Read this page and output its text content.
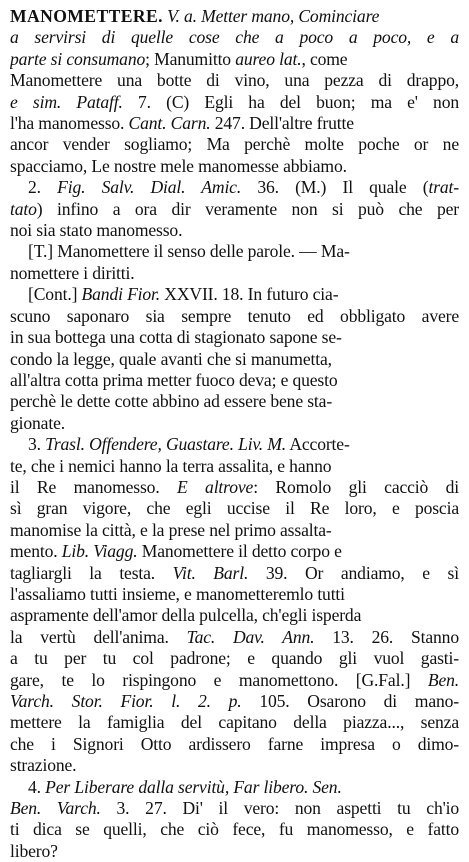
MANOMETTERE. V. a. Metter mano, Cominciare
a servirsi di quelle cose che a poco a poco, e a
parte si consumano; Manumitto aureo lat., come
Manomettere una botte di vino, una pezza di drappo,
e sim. Pataff. 7. (C) Egli ha del buon; ma e' non
l'ha manomesso. Cant. Carn. 247. Dell'altre frutte
ancor vender sogliamo; Ma perchè molte poche or ne
spacciamo, Le nostre mele manomesse abbiamo.
2. Fig. Salv. Dial. Amic. 36. (M.) Il quale (trat-
tato) infino a ora dir veramente non si può che per
noi sia stato manomesso.
[T.] Manomettere il senso delle parole. — Ma-
nomettere i diritti.
[Cont.] Bandi Fior. XXVII. 18. In futuro cia-
scuno saponaro sia sempre tenuto ed obbligato avere
in sua bottega una cotta di stagionato sapone se-
condo la legge, quale avanti che si manumetta,
all'altra cotta prima metter fuoco deva; e questo
perchè le dette cotte abbino ad essere bene sta-
gionate.
3. Trasl. Offendere, Guastare. Liv. M. Accorte-
te, che i nemici hanno la terra assalita, e hanno
il Re manomesso. E altrove: Romolo gli cacciò di
sì gran vigore, che egli uccise il Re loro, e poscia
manomise la città, e la prese nel primo assalta-
mento. Lib. Viagg. Manomettere il detto corpo e
tagliargli la testa. Vit. Barl. 39. Or andiamo, e sì
l'assaliamo tutti insieme, e manometteremlo tutti
aspramente dell'amor della pulcella, ch'egli isperda
la vertù dell'anima. Tac. Dav. Ann. 13. 26. Stanno
a tu per tu col padrone; e quando gli vuol gasti-
gare, te lo rispingono e manomettono. [G.Fal.] Ben.
Varch. Stor. Fior. l. 2. p. 105. Osarono di mano-
mettere la famiglia del capitano della piazza..., senza
che i Signori Otto ardissero farne impresa o dimo-
strazione.
4. Per Liberare dalla servitù, Far libero. Sen.
Ben. Varch. 3. 27. Di' il vero: non aspetti tu ch'io
ti dica se quelli, che ciò fece, fu manomesso, e fatto
libero?
